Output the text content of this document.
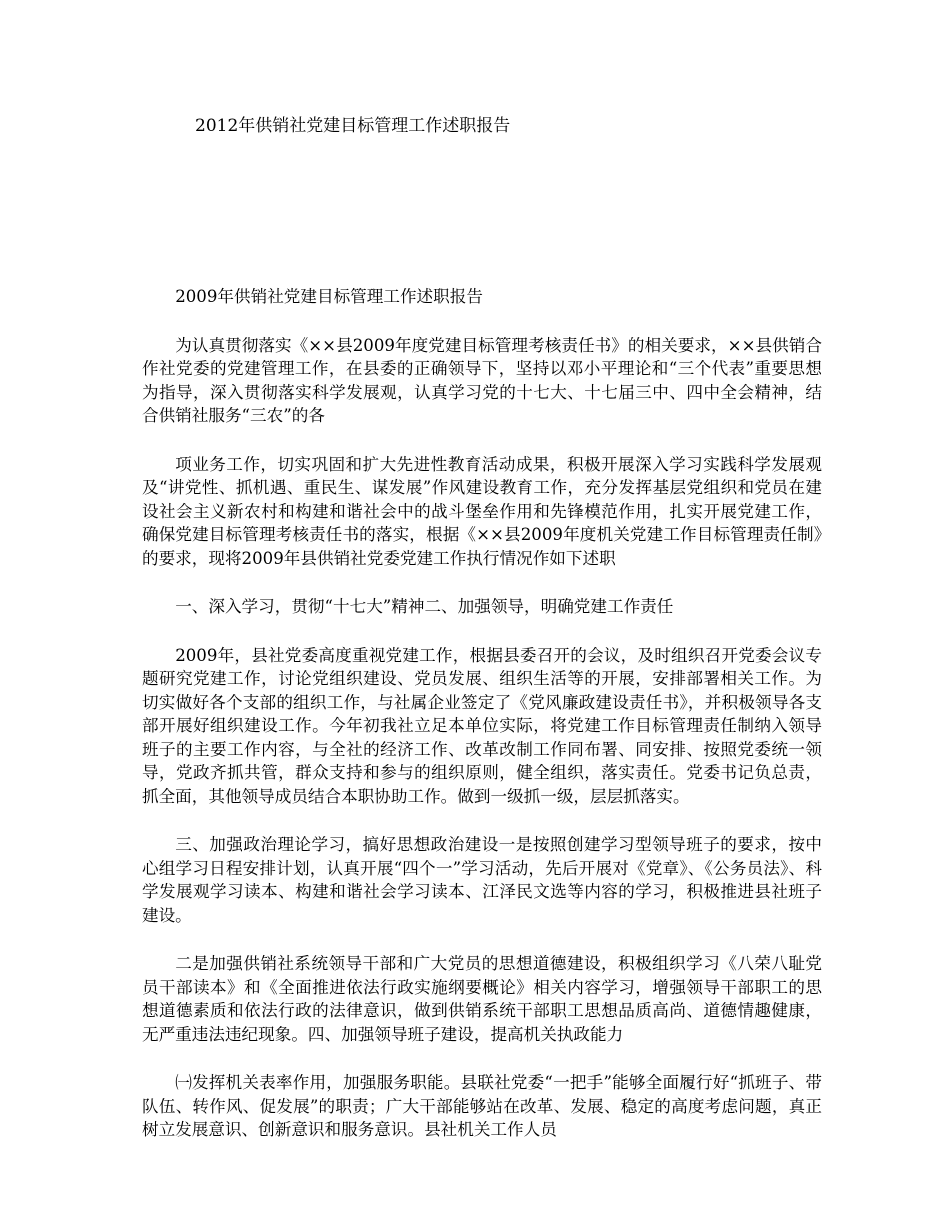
2012年供销社党建目标管理工作述职报告

2009年供销社党建目标管理工作述职报告

为认真贯彻落实《××县2009年度党建目标管理考核责任书》的相关要求，××县供销合作社党委的党建管理工作，在县委的正确领导下，坚持以邓小平理论和“三个代表”重要思想为指导，深入贯彻落实科学发展观，认真学习党的十七大、十七届三中、四中全会精神，结合供销社服务“三农”的各

项业务工作，切实巩固和扩大先进性教育活动成果，积极开展深入学习实践科学发展观及“讲党性、抓机遇、重民生、谋发展”作风建设教育工作，充分发挥基层党组织和党员在建设社会主义新农村和构建和谐社会中的战斗堡垒作用和先锋模范作用，扎实开展党建工作，确保党建目标管理考核责任书的落实，根据《××县2009年度机关党建工作目标管理责任制》的要求，现将2009年县供销社党委党建工作执行情况作如下述职

一、深入学习，贯彻“十七大”精神二、加强领导，明确党建工作责任

2009年，县社党委高度重视党建工作，根据县委召开的会议，及时组织召开党委会议专题研究党建工作，讨论党组织建设、党员发展、组织生活等的开展，安排部署相关工作。为切实做好各个支部的组织工作，与社属企业签定了《党风廉政建设责任书》，并积极领导各支部开展好组织建设工作。今年初我社立足本单位实际，将党建工作目标管理责任制纳入领导班子的主要工作内容，与全社的经济工作、改革改制工作同布署、同安排、按照党委统一领导，党政齐抓共管，群众支持和参与的组织原则，健全组织，落实责任。党委书记负总责，抓全面，其他领导成员结合本职协助工作。做到一级抓一级，层层抓落实。

三、加强政治理论学习，搞好思想政治建设一是按照创建学习型领导班子的要求，按中心组学习日程安排计划，认真开展“四个一”学习活动，先后开展对《党章》、《公务员法》、科学发展观学习读本、构建和谐社会学习读本、江泽民文选等内容的学习，积极推进县社班子建设。

二是加强供销社系统领导干部和广大党员的思想道德建设，积极组织学习《八荣八耻党员干部读本》和《全面推进依法行政实施纲要概论》相关内容学习，增强领导干部职工的思想道德素质和依法行政的法律意识，做到供销系统干部职工思想品质高尚、道德情趣健康，无严重违法违纪现象。四、加强领导班子建设，提高机关执政能力

㈠发挥机关表率作用，加强服务职能。县联社党委“一把手”能够全面履行好“抓班子、带队伍、转作风、促发展”的职责；广大干部能够站在改革、发展、稳定的高度考虑问题，真正树立发展意识、创新意识和服务意识。县社机关工作人员
